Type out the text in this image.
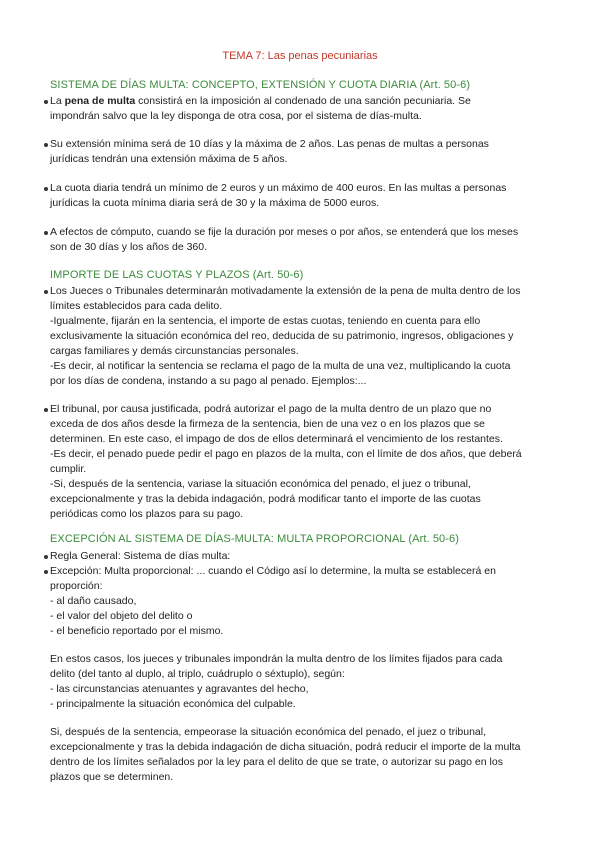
TEMA 7: Las penas pecuniarias
SISTEMA DE DÍAS MULTA: CONCEPTO, EXTENSIÓN Y CUOTA DIARIA (Art. 50-6)
La pena de multa consistirá en la imposición al condenado de una sanción pecuniaria. Se
impondrán salvo que la ley disponga de otra cosa, por el sistema de días-multa.
Su extensión mínima será de 10 días y la máxima de 2 años. Las penas de multas a personas
jurídicas tendrán una extensión máxima de 5 años.
La cuota diaria tendrá un mínimo de 2 euros y un máximo de 400 euros. En las multas a personas
jurídicas la cuota mínima diaria será de 30 y la máxima de 5000 euros.
A efectos de cómputo, cuando se fije la duración por meses o por años, se entenderá que los meses
son de 30 días y los años de 360.
IMPORTE DE LAS CUOTAS Y PLAZOS (Art. 50-6)
Los Jueces o Tribunales determinarán motivadamente la extensión de la pena de multa dentro de los
límites establecidos para cada delito.
-Igualmente, fijarán en la sentencia, el importe de estas cuotas, teniendo en cuenta para ello
exclusivamente la situación económica del reo, deducida de su patrimonio, ingresos, obligaciones y
cargas familiares y demás circunstancias personales.
-Es decir, al notificar la sentencia se reclama el pago de la multa de una vez, multiplicando la cuota
por los días de condena, instando a su pago al penado. Ejemplos:...
El tribunal, por causa justificada, podrá autorizar el pago de la multa dentro de un plazo que no
exceda de dos años desde la firmeza de la sentencia, bien de una vez o en los plazos que se
determinen. En este caso, el impago de dos de ellos determinará el vencimiento de los restantes.
-Es decir, el penado puede pedir el pago en plazos de la multa, con el límite de dos años, que deberá
cumplir.
-Si, después de la sentencia, variase la situación económica del penado, el juez o tribunal,
excepcionalmente y tras la debida indagación, podrá modificar tanto el importe de las cuotas
periódicas como los plazos para su pago.
EXCEPCIÓN AL SISTEMA DE DÍAS-MULTA: MULTA PROPORCIONAL (Art. 50-6)
Regla General: Sistema de días multa:
Excepción: Multa proporcional: ... cuando el Código así lo determine, la multa se establecerá en
proporción:
- al daño causado,
- el valor del objeto del delito o
- el beneficio reportado por el mismo.
En estos casos, los jueces y tribunales impondrán la multa dentro de los límites fijados para cada
delito (del tanto al duplo, al triplo, cuádruplo o séxtuplo), según:
- las circunstancias atenuantes y agravantes del hecho,
- principalmente la situación económica del culpable.
Si, después de la sentencia, empeorase la situación económica del penado, el juez o tribunal,
excepcionalmente y tras la debida indagación de dicha situación, podrá reducir el importe de la multa
dentro de los límites señalados por la ley para el delito de que se trate, o autorizar su pago en los
plazos que se determinen.
